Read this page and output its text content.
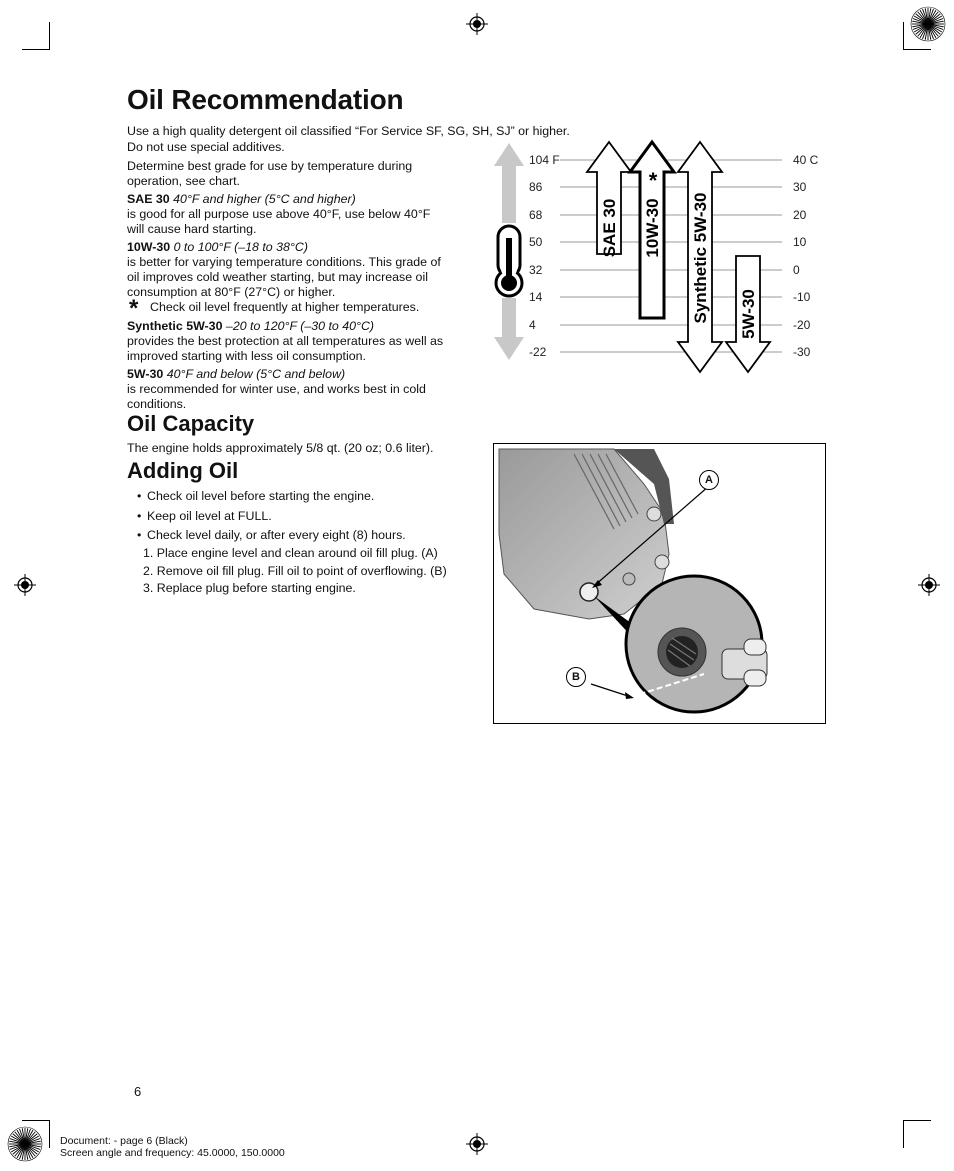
Oil Recommendation

Use a high quality detergent oil classified “For Service SF, SG, SH, SJ” or higher.

Do not use special additives.

Determine best grade for use by temperature during

operation, see chart.

SAE 30 40°F and higher (5°C and higher)

is good for all purpose use above 40°F, use below 40°F

will cause hard starting.

10W-30 0 to 100°F (–18 to 38°C)

is better for varying temperature conditions. This grade of

oil improves cold weather starting, but may increase oil

consumption at 80°F (27°C) or higher.

* Check oil level frequently at higher temperatures.

Synthetic 5W-30 –20 to 120°F (–30 to 40°C)

provides the best protection at all temperatures as well as

improved starting with less oil consumption.

5W-30 40°F and below (5°C and below)

is recommended for winter use, and works best in cold

conditions.

Oil Capacity

The engine holds approximately 5/8 qt. (20 oz; 0.6 liter).

Adding Oil
• Check oil level before starting the engine.
• Keep oil level at FULL.
• Check level daily, or after every eight (8) hours.
1. Place engine level and clean around oil fill plug. (A)
2. Remove oil fill plug. Fill oil to point of overflowing. (B)
3. Replace plug before starting engine.
104 F
86
68
50
32
14
4
-22
40 C
30
20
10
0
-10
-20
-30
SAE 30 10W-30
*
Synthetic 5W-30 5W-30
A
B
6
Document: - page 6 (Black)
Screen angle and frequency: 45.0000, 150.0000
